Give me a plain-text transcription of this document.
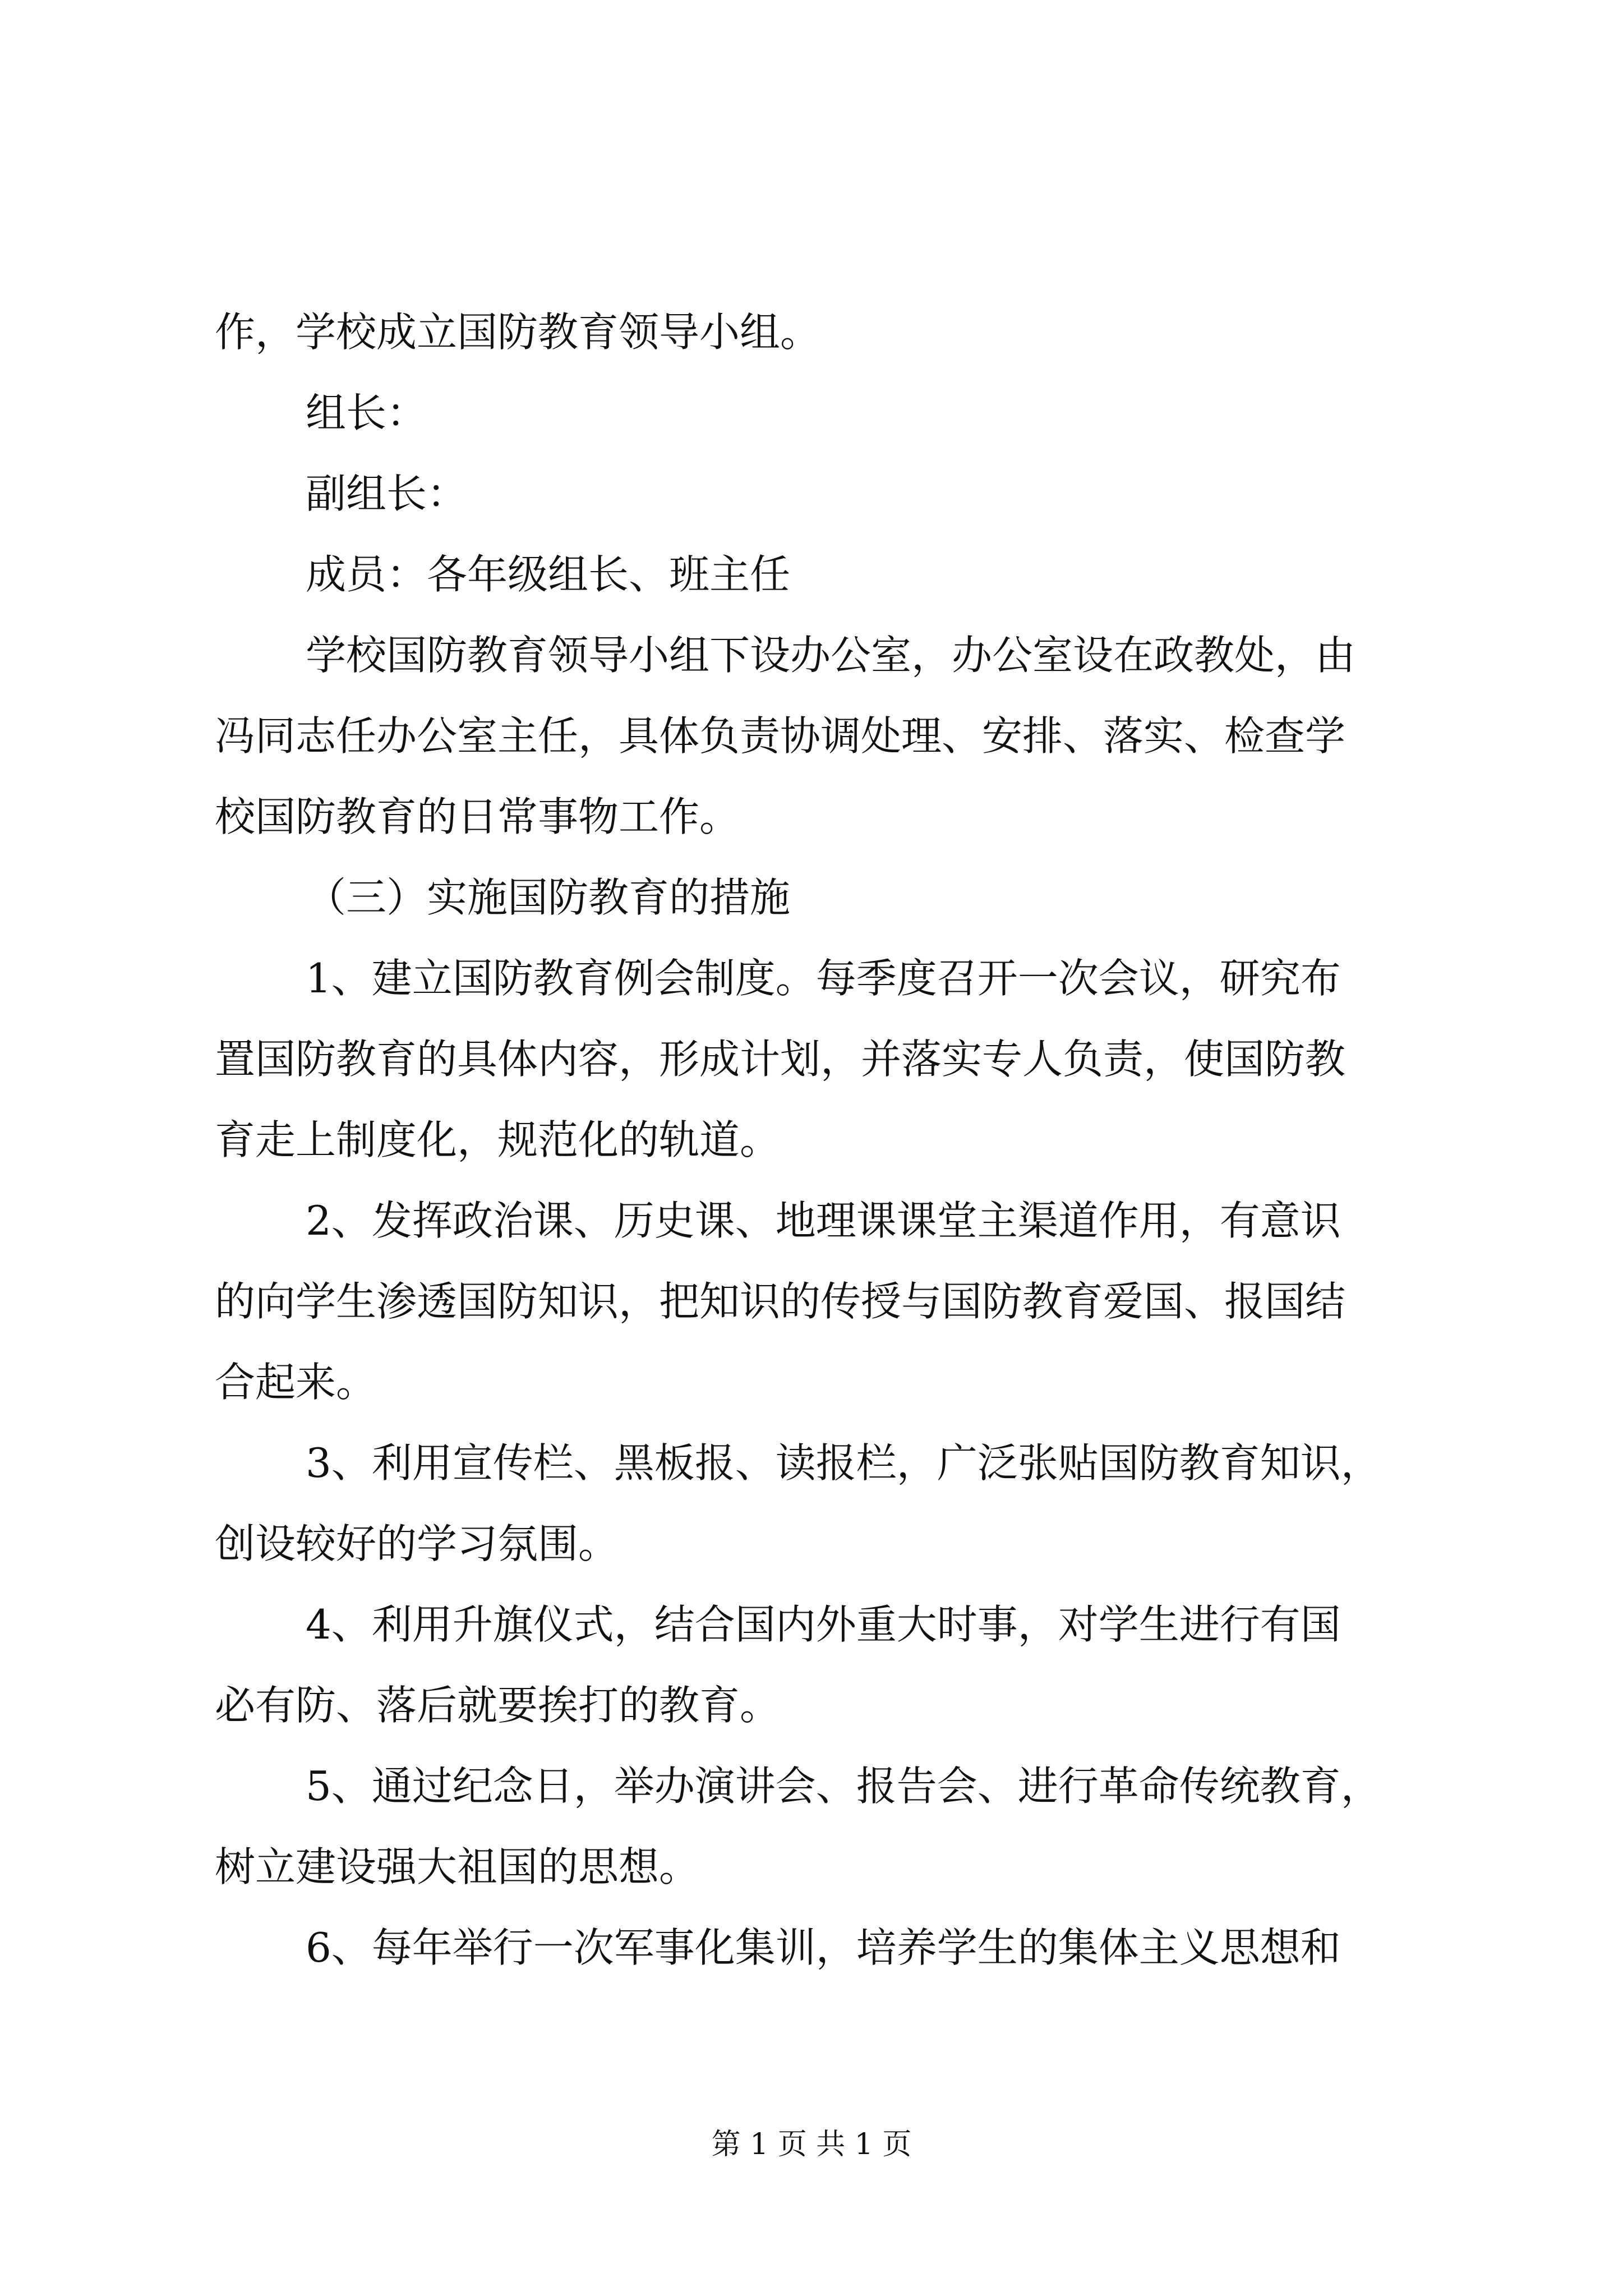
作，学校成立国防教育领导小组。
组长：
副组长：
成员：各年级组长、班主任
学校国防教育领导小组下设办公室，办公室设在政教处，由
冯同志任办公室主任，具体负责协调处理、安排、落实、检查学
校国防教育的日常事物工作。
（三）实施国防教育的措施
1、建立国防教育例会制度。每季度召开一次会议，研究布
置国防教育的具体内容，形成计划，并落实专人负责，使国防教
育走上制度化，规范化的轨道。
2、发挥政治课、历史课、地理课课堂主渠道作用，有意识
的向学生渗透国防知识，把知识的传授与国防教育爱国、报国结
合起来。
3、利用宣传栏、黑板报、读报栏，广泛张贴国防教育知识，
创设较好的学习氛围。
4、利用升旗仪式，结合国内外重大时事，对学生进行有国
必有防、落后就要挨打的教育。
5、通过纪念日，举办演讲会、报告会、进行革命传统教育，
树立建设强大祖国的思想。
6、每年举行一次军事化集训，培养学生的集体主义思想和
第 1 页 共 1 页
